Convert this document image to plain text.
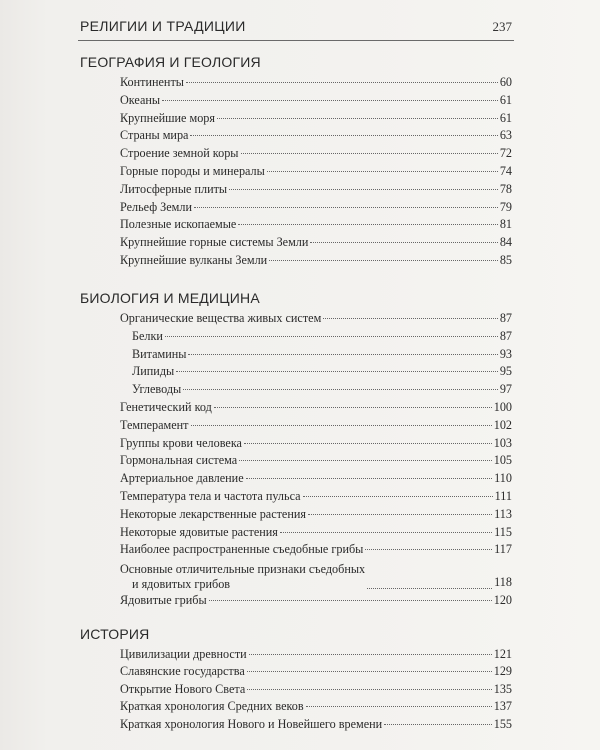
РЕЛИГИИ И ТРАДИЦИИ	237
ГЕОГРАФИЯ И ГЕОЛОГИЯ
Континенты	60
Океаны	61
Крупнейшие моря	61
Страны мира	63
Строение земной коры	72
Горные породы и минералы	74
Литосферные плиты	78
Рельеф Земли	79
Полезные ископаемые	81
Крупнейшие горные системы Земли	84
Крупнейшие вулканы Земли	85
БИОЛОГИЯ И МЕДИЦИНА
Органические вещества живых систем	87
Белки	87
Витамины	93
Липиды	95
Углеводы	97
Генетический код	100
Темперамент	102
Группы крови человека	103
Гормональная система	105
Артериальное давление	110
Температура тела и частота пульса	111
Некоторые лекарственные растения	113
Некоторые ядовитые растения	115
Наиболее распространенные съедобные грибы	117
Основные отличительные признаки съедобных
и ядовитых грибов	118
Ядовитые грибы	120
ИСТОРИЯ
Цивилизации древности	121
Славянские государства	129
Открытие Нового Света	135
Краткая хронология Средних веков	137
Краткая хронология Нового и Новейшего времени	155
